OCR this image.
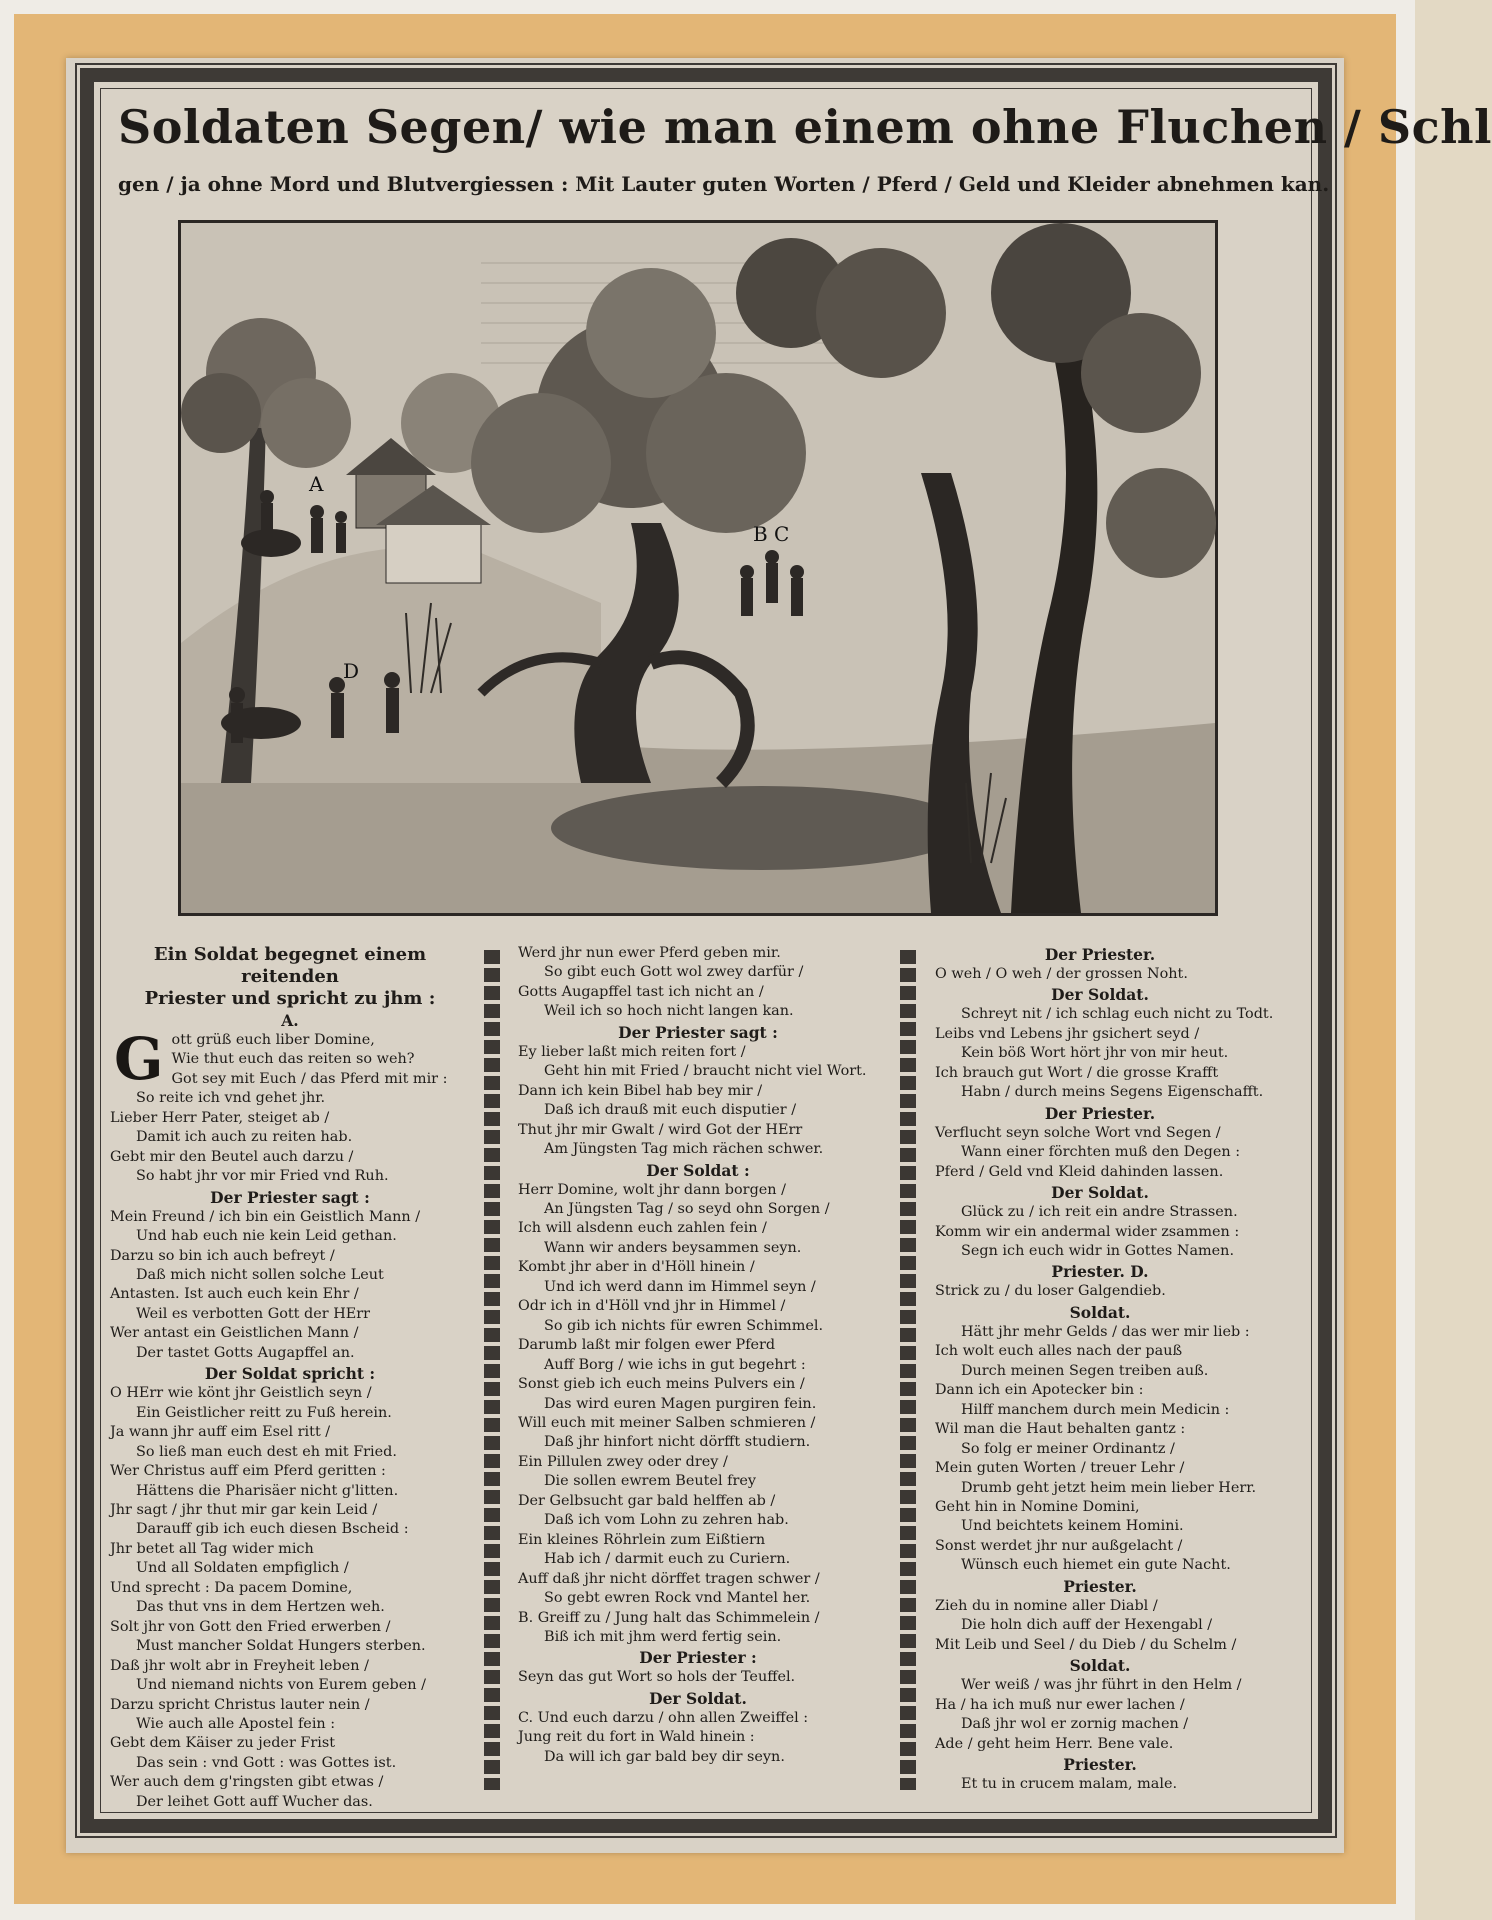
Soldaten Segen/ wie man einem ohne Fluchen / Schl
gen / ja ohne Mord und Blutvergiessen : Mit Lauter guten Worten / Pferd / Geld und Kleider abnehmen kan.
A
B C
D
Ein Soldat begegnet einem reitenden
Priester und spricht zu jhm :
A.
G ott grüß euch liber Domine,
Wie thut euch das reiten so weh?
Got sey mit Euch / das Pferd mit mir :
So reite ich vnd gehet jhr.
Lieber Herr Pater, steiget ab /
Damit ich auch zu reiten hab.
Gebt mir den Beutel auch darzu /
So habt jhr vor mir Fried vnd Ruh.
Der Priester sagt :
Mein Freund / ich bin ein Geistlich Mann /
Und hab euch nie kein Leid gethan.
Darzu so bin ich auch befreyt /
Daß mich nicht sollen solche Leut
Antasten. Ist auch euch kein Ehr /
Weil es verbotten Gott der HErr
Wer antast ein Geistlichen Mann /
Der tastet Gotts Augapffel an.
Der Soldat spricht :
O HErr wie könt jhr Geistlich seyn /
Ein Geistlicher reitt zu Fuß herein.
Ja wann jhr auff eim Esel ritt /
So ließ man euch dest eh mit Fried.
Wer Christus auff eim Pferd geritten :
Hättens die Pharisäer nicht g'litten.
Jhr sagt / jhr thut mir gar kein Leid /
Darauff gib ich euch diesen Bscheid :
Jhr betet all Tag wider mich
Und all Soldaten empfiglich /
Und sprecht : Da pacem Domine,
Das thut vns in dem Hertzen weh.
Solt jhr von Gott den Fried erwerben /
Must mancher Soldat Hungers sterben.
Daß jhr wolt abr in Freyheit leben /
Und niemand nichts von Eurem geben /
Darzu spricht Christus lauter nein /
Wie auch alle Apostel fein :
Gebt dem Käiser zu jeder Frist
Das sein : vnd Gott : was Gottes ist.
Wer auch dem g'ringsten gibt etwas /
Der leihet Gott auff Wucher das.
Werd jhr nun ewer Pferd geben mir.
So gibt euch Gott wol zwey darfür /
Gotts Augapffel tast ich nicht an /
Weil ich so hoch nicht langen kan.
Der Priester sagt :
Ey lieber laßt mich reiten fort /
Geht hin mit Fried / braucht nicht viel Wort.
Dann ich kein Bibel hab bey mir /
Daß ich drauß mit euch disputier /
Thut jhr mir Gwalt / wird Got der HErr
Am Jüngsten Tag mich rächen schwer.
Der Soldat :
Herr Domine, wolt jhr dann borgen /
An Jüngsten Tag / so seyd ohn Sorgen /
Ich will alsdenn euch zahlen fein /
Wann wir anders beysammen seyn.
Kombt jhr aber in d'Höll hinein /
Und ich werd dann im Himmel seyn /
Odr ich in d'Höll vnd jhr in Himmel /
So gib ich nichts für ewren Schimmel.
Darumb laßt mir folgen ewer Pferd
Auff Borg / wie ichs in gut begehrt :
Sonst gieb ich euch meins Pulvers ein /
Das wird euren Magen purgiren fein.
Will euch mit meiner Salben schmieren /
Daß jhr hinfort nicht dörfft studiern.
Ein Pillulen zwey oder drey /
Die sollen ewrem Beutel frey
Der Gelbsucht gar bald helffen ab /
Daß ich vom Lohn zu zehren hab.
Ein kleines Röhrlein zum Eißtiern
Hab ich / darmit euch zu Curiern.
Auff daß jhr nicht dörffet tragen schwer /
So gebt ewren Rock vnd Mantel her.
B. Greiff zu / Jung halt das Schimmelein /
Biß ich mit jhm werd fertig sein.
Der Priester :
Seyn das gut Wort so hols der Teuffel.
Der Soldat.
C. Und euch darzu / ohn allen Zweiffel :
Jung reit du fort in Wald hinein :
Da will ich gar bald bey dir seyn.
Der Priester.
O weh / O weh / der grossen Noht.
Der Soldat.
Schreyt nit / ich schlag euch nicht zu Todt.
Leibs vnd Lebens jhr gsichert seyd /
Kein böß Wort hört jhr von mir heut.
Ich brauch gut Wort / die grosse Krafft
Habn / durch meins Segens Eigenschafft.
Der Priester.
Verflucht seyn solche Wort vnd Segen /
Wann einer förchten muß den Degen :
Pferd / Geld vnd Kleid dahinden lassen.
Der Soldat.
Glück zu / ich reit ein andre Strassen.
Komm wir ein andermal wider zsammen :
Segn ich euch widr in Gottes Namen.
Priester. D.
Strick zu / du loser Galgendieb.
Soldat.
Hätt jhr mehr Gelds / das wer mir lieb :
Ich wolt euch alles nach der pauß
Durch meinen Segen treiben auß.
Dann ich ein Apotecker bin :
Hilff manchem durch mein Medicin :
Wil man die Haut behalten gantz :
So folg er meiner Ordinantz /
Mein guten Worten / treuer Lehr /
Drumb geht jetzt heim mein lieber Herr.
Geht hin in Nomine Domini,
Und beichtets keinem Homini.
Sonst werdet jhr nur außgelacht /
Wünsch euch hiemet ein gute Nacht.
Priester.
Zieh du in nomine aller Diabl /
Die holn dich auff der Hexengabl /
Mit Leib und Seel / du Dieb / du Schelm /
Soldat.
Wer weiß / was jhr führt in den Helm /
Ha / ha ich muß nur ewer lachen /
Daß jhr wol er zornig machen /
Ade / geht heim Herr. Bene vale.
Priester.
Et tu in crucem malam, male.
